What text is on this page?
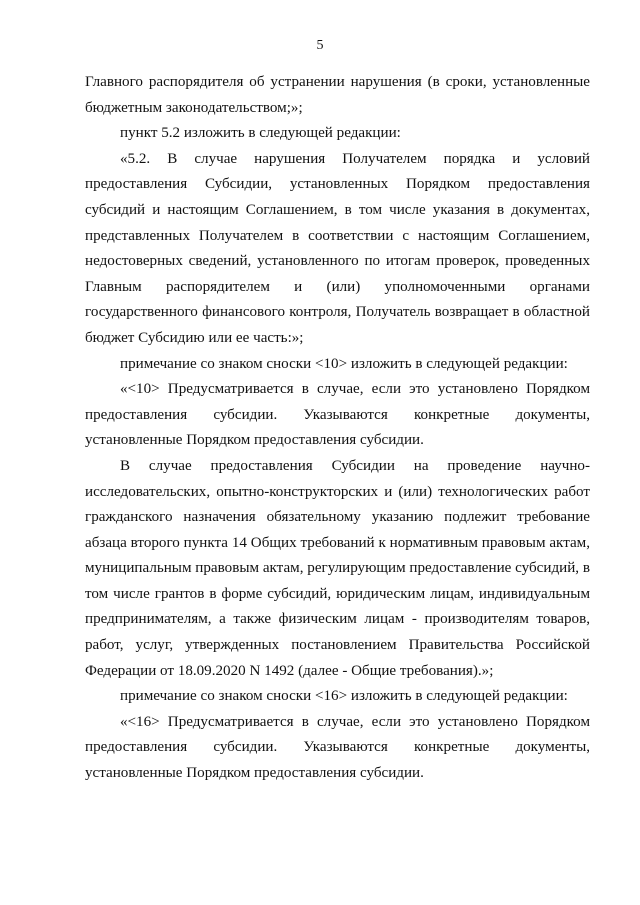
5

Главного распорядителя об устранении нарушения (в сроки, установленные бюджетным законодательством;»;

пункт 5.2 изложить в следующей редакции:

«5.2. В случае нарушения Получателем порядка и условий предоставления Субсидии, установленных Порядком предоставления субсидий и настоящим Соглашением, в том числе указания в документах, представленных Получателем в соответствии с настоящим Соглашением, недостоверных сведений, установленного по итогам проверок, проведенных Главным распорядителем и (или) уполномоченными органами государственного финансового контроля, Получатель возвращает в областной бюджет Субсидию или ее часть:»;

примечание со знаком сноски <10> изложить в следующей редакции:

«<10> Предусматривается в случае, если это установлено Порядком предоставления субсидии. Указываются конкретные документы, установленные Порядком предоставления субсидии.

В случае предоставления Субсидии на проведение научно-исследовательских, опытно-конструкторских и (или) технологических работ гражданского назначения обязательному указанию подлежит требование абзаца второго пункта 14 Общих требований к нормативным правовым актам, муниципальным правовым актам, регулирующим предоставление субсидий, в том числе грантов в форме субсидий, юридическим лицам, индивидуальным предпринимателям, а также физическим лицам - производителям товаров, работ, услуг, утвержденных постановлением Правительства Российской Федерации от 18.09.2020 N 1492 (далее - Общие требования).»;

примечание со знаком сноски <16> изложить в следующей редакции:

«<16> Предусматривается в случае, если это установлено Порядком предоставления субсидии. Указываются конкретные документы, установленные Порядком предоставления субсидии.
